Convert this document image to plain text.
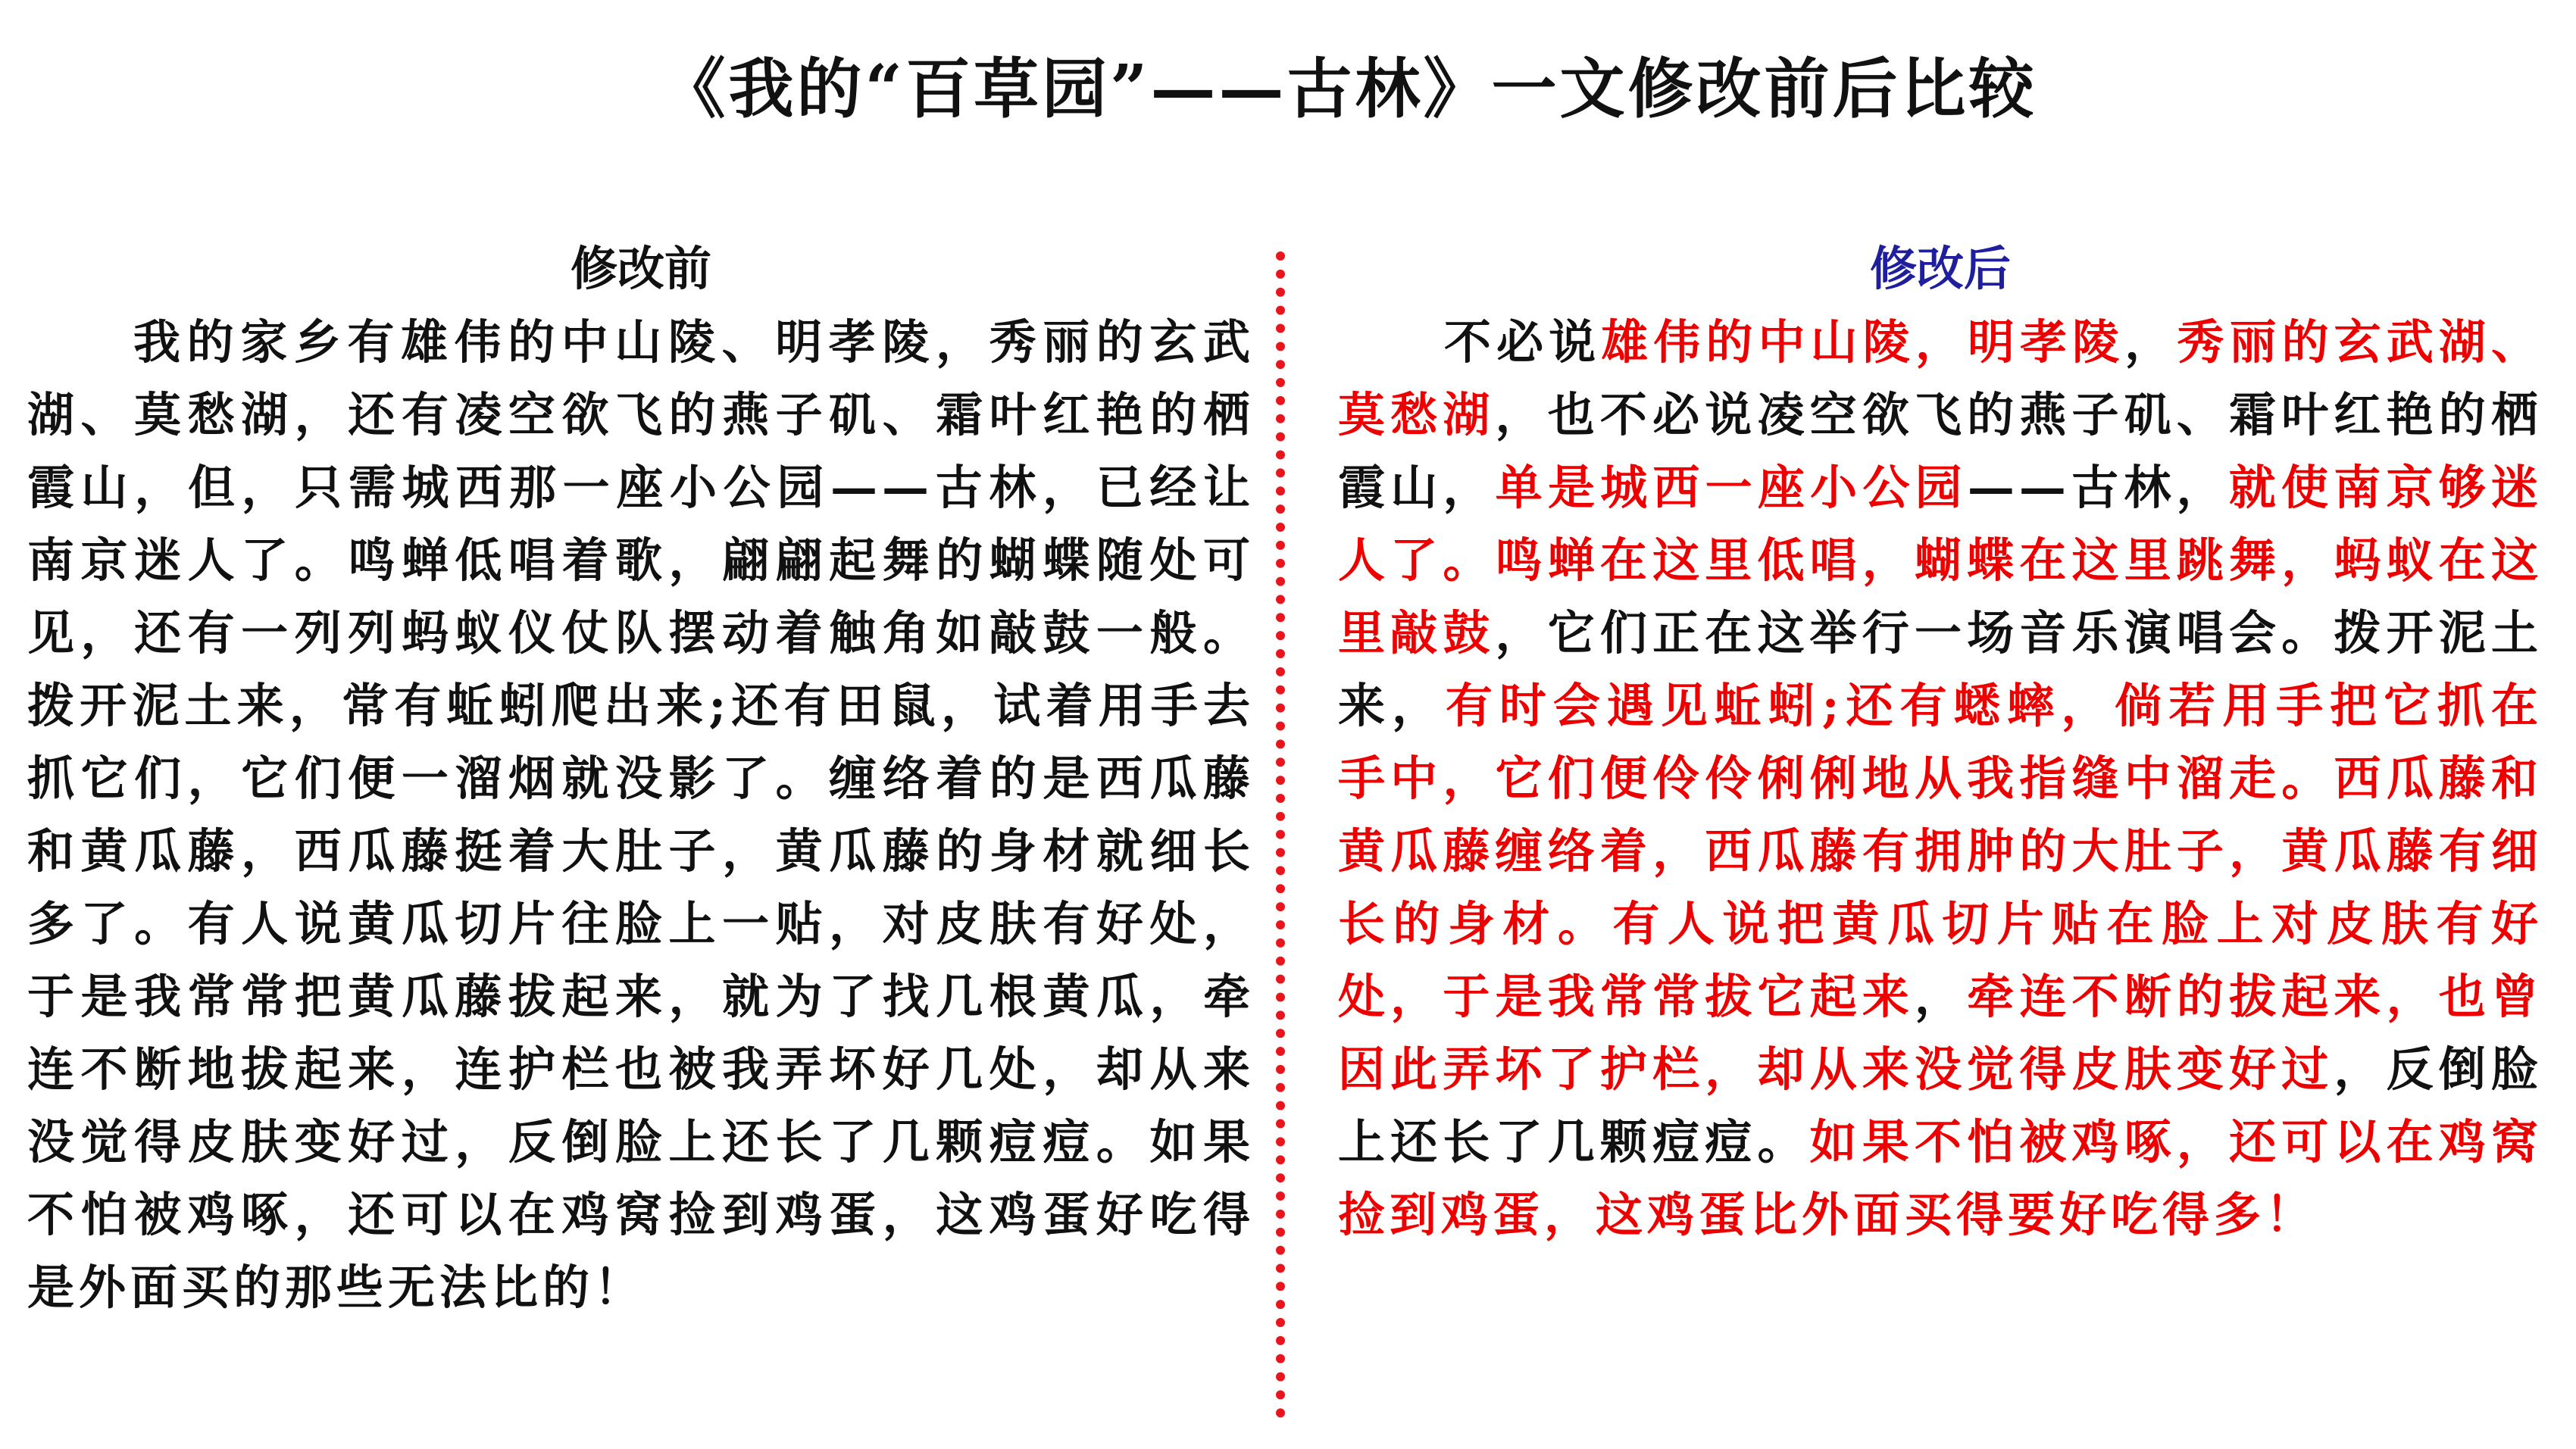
《我的“百草园”——古林》一文修改前后比较
修改前

我的家乡有雄伟的中山陵、明孝陵，秀丽的玄武湖、莫愁湖，还有凌空欲飞的燕子矶、霜叶红艳的栖霞山，但，只需城西那一座小公园——古林，已经让南京迷人了。鸣蝉低唱着歌，翩翩起舞的蝴蝶随处可见，还有一列列蚂蚁仪仗队摆动着触角如敲鼓一般。拨开泥土来，常有蚯蚓爬出来;还有田鼠，试着用手去抓它们，它们便一溜烟就没影了。缠络着的是西瓜藤和黄瓜藤，西瓜藤挺着大肚子，黄瓜藤的身材就细长多了。有人说黄瓜切片往脸上一贴，对皮肤有好处，于是我常常把黄瓜藤拔起来，就为了找几根黄瓜，牵连不断地拔起来，连护栏也被我弄坏好几处，却从来没觉得皮肤变好过，反倒脸上还长了几颗痘痘。如果不怕被鸡啄，还可以在鸡窝捡到鸡蛋，这鸡蛋好吃得是外面买的那些无法比的！

修改后

不必说雄伟的中山陵，明孝陵，秀丽的玄武湖、莫愁湖，也不必说凌空欲飞的燕子矶、霜叶红艳的栖霞山，单是城西一座小公园——古林，就使南京够迷人了。鸣蝉在这里低唱，蝴蝶在这里跳舞，蚂蚁在这里敲鼓，它们正在这举行一场音乐演唱会。拨开泥土来，有时会遇见蚯蚓;还有蟋蟀，倘若用手把它抓在手中，它们便伶伶俐俐地从我指缝中溜走。西瓜藤和黄瓜藤缠络着，西瓜藤有拥肿的大肚子，黄瓜藤有细长的身材。有人说把黄瓜切片贴在脸上对皮肤有好处，于是我常常拔它起来，牵连不断的拔起来，也曾因此弄坏了护栏，却从来没觉得皮肤变好过，反倒脸上还长了几颗痘痘。如果不怕被鸡啄，还可以在鸡窝捡到鸡蛋，这鸡蛋比外面买得要好吃得多！
